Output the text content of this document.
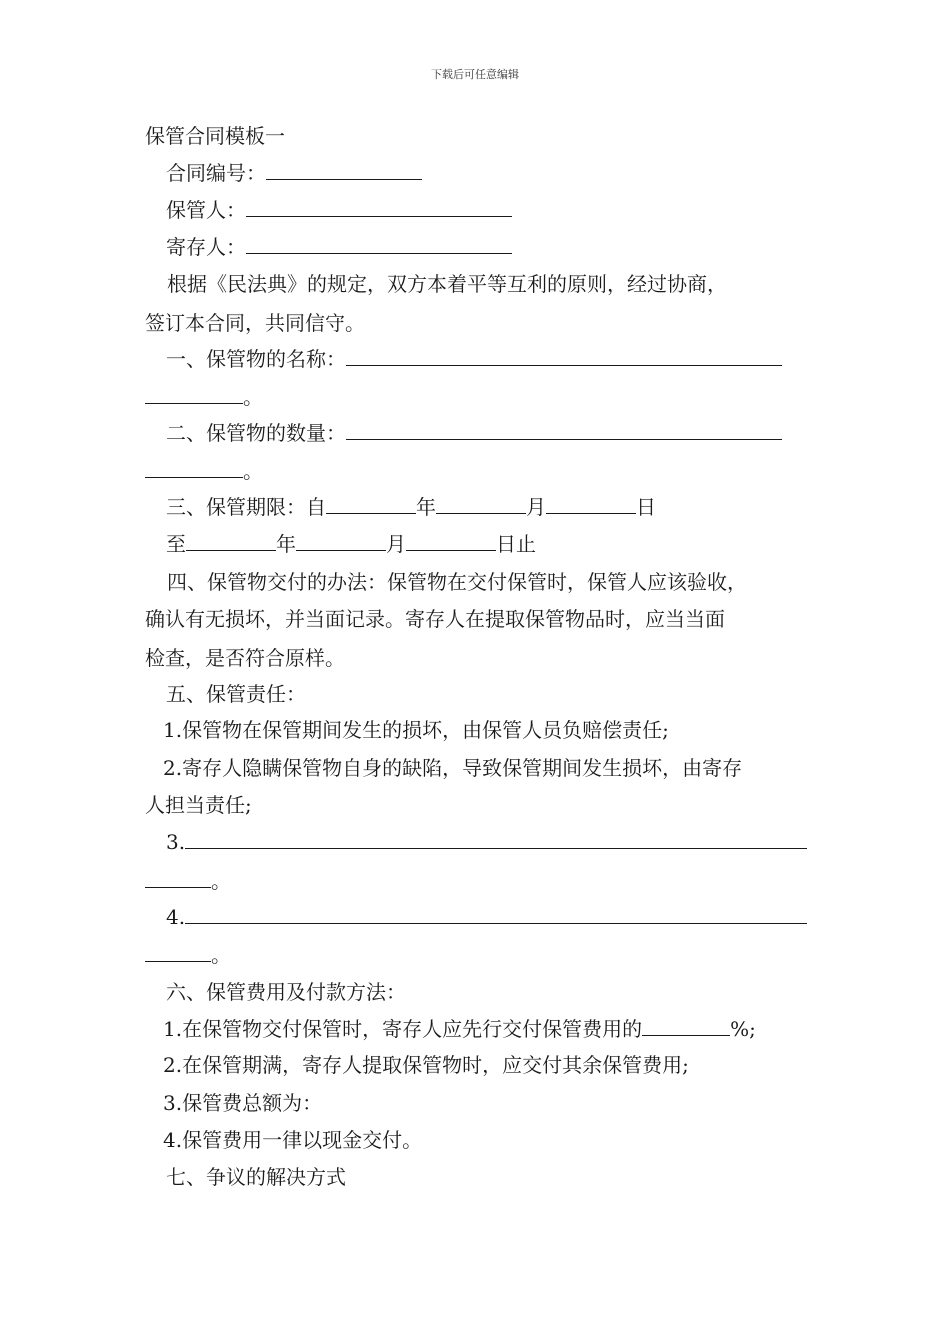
下载后可任意编辑
保管合同模板一
合同编号：
保管人：
寄存人：
根据《民法典》的规定，双方本着平等互利的原则，经过协商，
签订本合同，共同信守。
一、保管物的名称：
。
二、保管物的数量：
。
三、保管期限：自	年	月	日
至	年	月	日止
四、保管物交付的办法：保管物在交付保管时，保管人应该验收，
确认有无损坏，并当面记录。寄存人在提取保管物品时，应当当面
检查，是否符合原样。
五、保管责任：
1.保管物在保管期间发生的损坏，由保管人员负赔偿责任;
2.寄存人隐瞒保管物自身的缺陷，导致保管期间发生损坏，由寄存
人担当责任;
3.
。
4.
。
六、保管费用及付款方法：
1.在保管物交付保管时，寄存人应先行交付保管费用的	%;
2.在保管期满，寄存人提取保管物时，应交付其余保管费用;
3.保管费总额为：
4.保管费用一律以现金交付。
七、争议的解决方式
